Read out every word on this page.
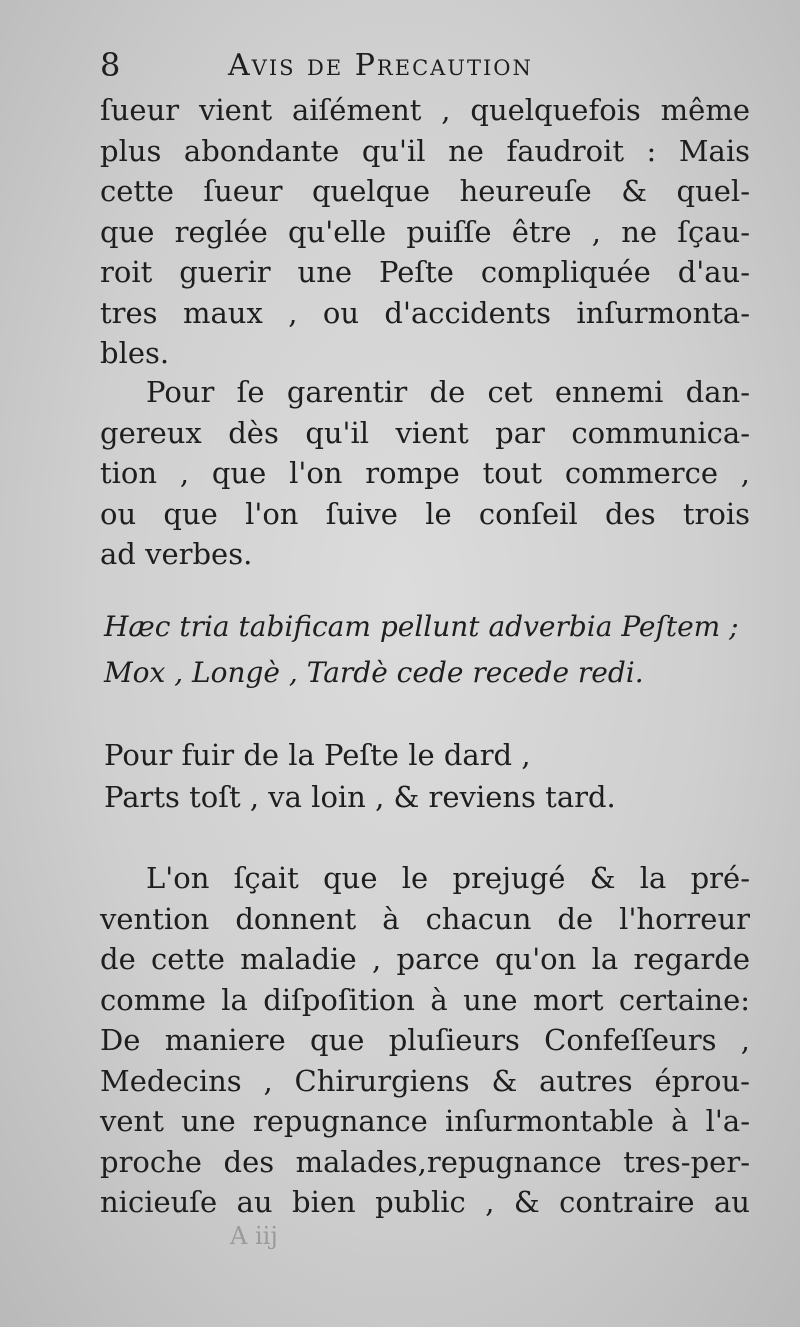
8	Avis de Precaution
ſueur vient aiſément , quelquefois même
plus abondante qu'il ne faudroit : Mais
cette ſueur quelque heureuſe & quel-
que reglée qu'elle puiſſe être , ne ſçau-
roit guerir une Peſte compliquée d'au-
tres maux , ou d'accidents inſurmonta-
bles.
Pour ſe garentir de cet ennemi dan-
gereux dès qu'il vient par communica-
tion , que l'on rompe tout commerce ,
ou que l'on ſuive le conſeil des trois
ad verbes.
Hæc tria tabificam pellunt adverbia Peſtem ;
Mox , Longè , Tardè cede recede redi.
Pour fuir de la Peſte le dard ,
Parts toſt , va loin , & reviens tard.
L'on ſçait que le prejugé & la pré-
vention donnent à chacun de l'horreur
de cette maladie , parce qu'on la regarde
comme la diſpoſition à une mort certaine:
De maniere que pluſieurs Confeſſeurs ,
Medecins , Chirurgiens & autres éprou-
vent une repugnance inſurmontable à l'a-
proche des malades,repugnance tres-per-
nicieuſe au bien public , & contraire au
A iij
